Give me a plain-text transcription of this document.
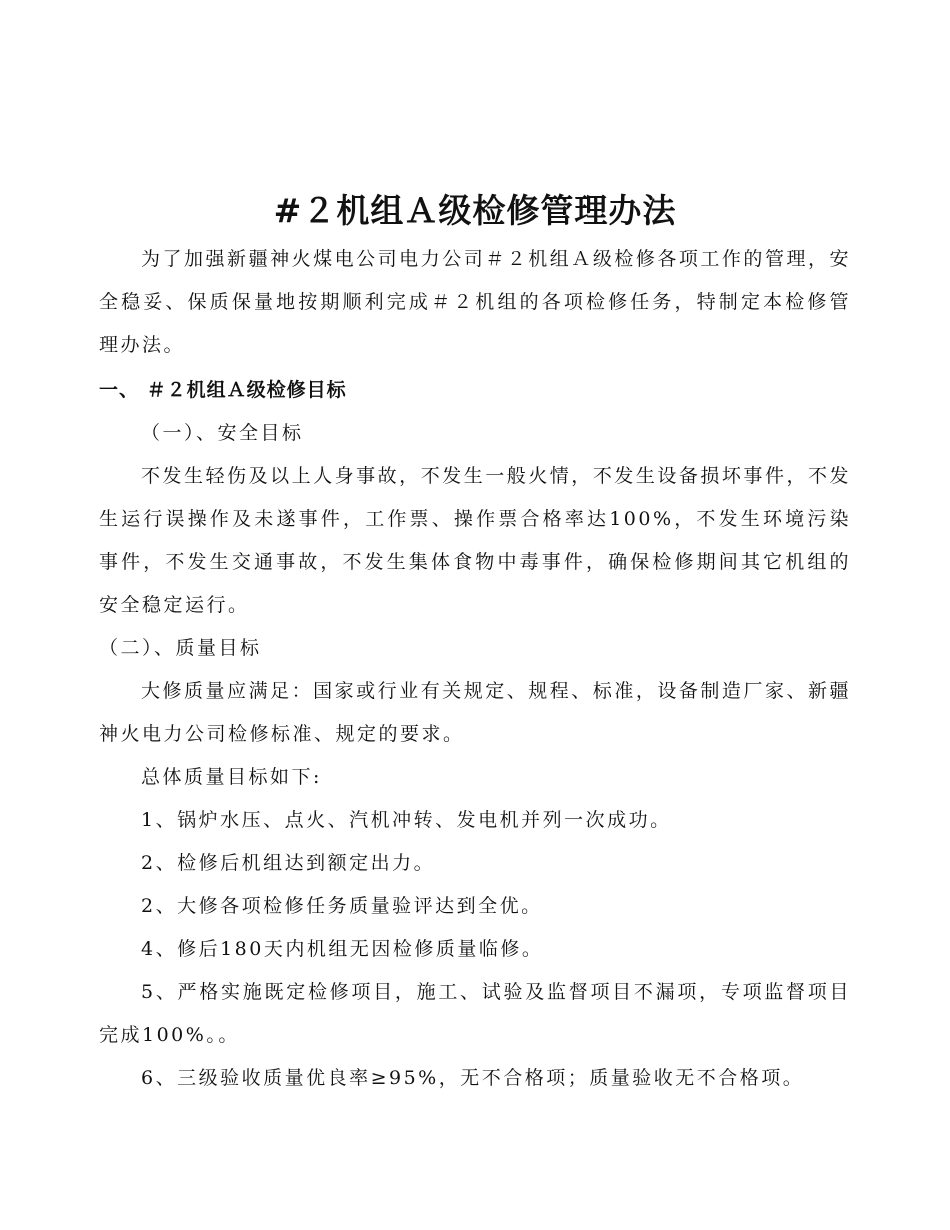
#２机组Ａ级检修管理办法

为了加强新疆神火煤电公司电力公司＃２机组Ａ级检修各项工作的管理，安全稳妥、保质保量地按期顺利完成＃２机组的各项检修任务，特制定本检修管理办法。

一、 ＃２机组Ａ级检修目标

（一）、安全目标

不发生轻伤及以上人身事故，不发生一般火情，不发生设备损坏事件，不发生运行误操作及未遂事件，工作票、操作票合格率达100%，不发生环境污染事件，不发生交通事故，不发生集体食物中毒事件，确保检修期间其它机组的安全稳定运行。

（二）、质量目标

大修质量应满足：国家或行业有关规定、规程、标准，设备制造厂家、新疆神火电力公司检修标准、规定的要求。

总体质量目标如下:

1、锅炉水压、点火、汽机冲转、发电机并列一次成功。

2、检修后机组达到额定出力。

2、大修各项检修任务质量验评达到全优。

4、修后180天内机组无因检修质量临修。

5、严格实施既定检修项目，施工、试验及监督项目不漏项，专项监督项目完成100%。。

6、三级验收质量优良率≥95%，无不合格项；质量验收无不合格项。
